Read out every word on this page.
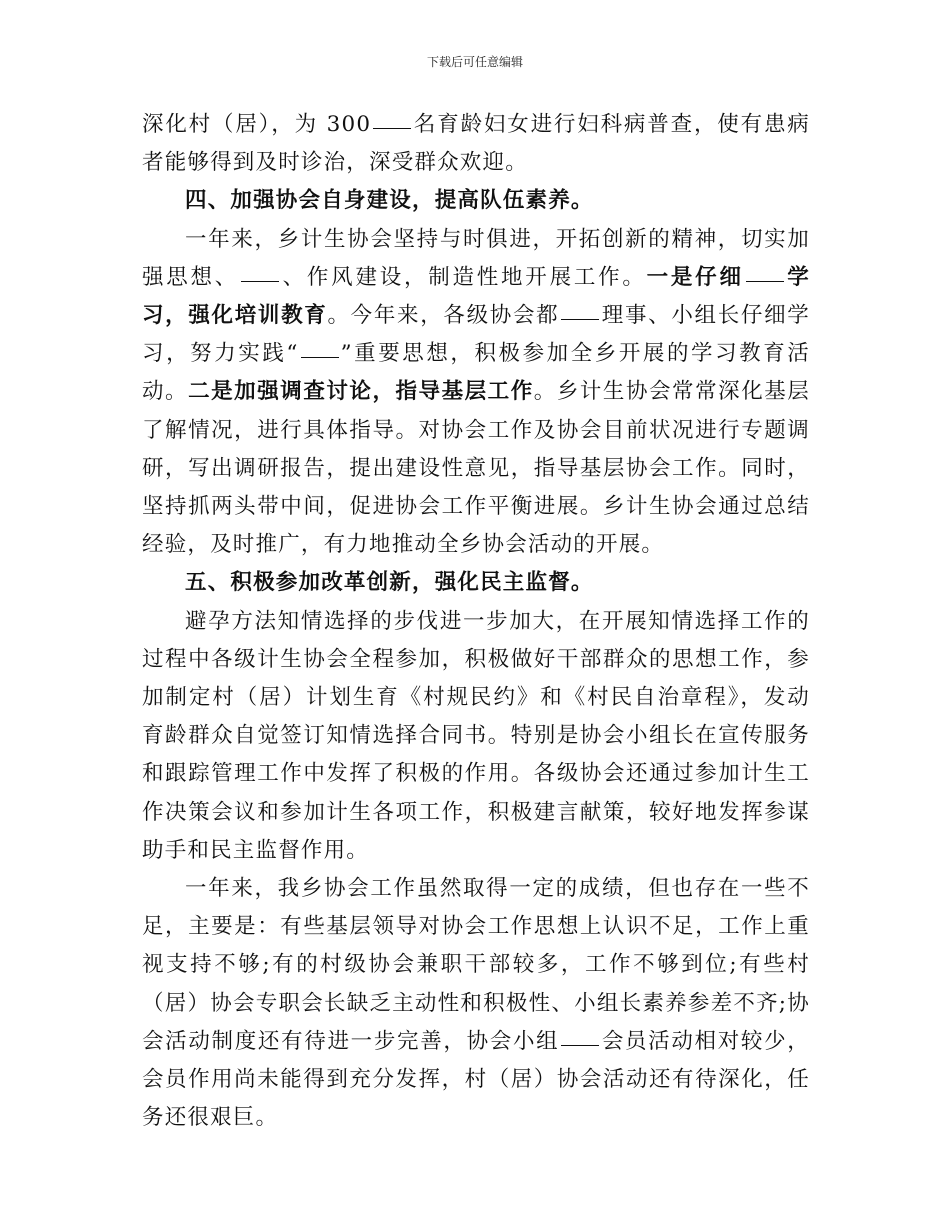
下载后可任意编辑

深化村（居），为 300 名育龄妇女进行妇科病普查，使有患病者能够得到及时诊治，深受群众欢迎。

四、加强协会自身建设，提高队伍素养。

一年来，乡计生协会坚持与时俱进，开拓创新的精神，切实加强思想、 、作风建设，制造性地开展工作。一是仔细 学习，强化培训教育。今年来，各级协会都 理事、小组长仔细学习，努力实践“ ”重要思想，积极参加全乡开展的学习教育活动。二是加强调查讨论，指导基层工作。乡计生协会常常深化基层了解情况，进行具体指导。对协会工作及协会目前状况进行专题调研，写出调研报告，提出建设性意见，指导基层协会工作。同时，坚持抓两头带中间，促进协会工作平衡进展。乡计生协会通过总结经验，及时推广，有力地推动全乡协会活动的开展。

五、积极参加改革创新，强化民主监督。

避孕方法知情选择的步伐进一步加大，在开展知情选择工作的过程中各级计生协会全程参加，积极做好干部群众的思想工作，参加制定村（居）计划生育《村规民约》和《村民自治章程》，发动育龄群众自觉签订知情选择合同书。特别是协会小组长在宣传服务和跟踪管理工作中发挥了积极的作用。各级协会还通过参加计生工作决策会议和参加计生各项工作，积极建言献策，较好地发挥参谋助手和民主监督作用。

一年来，我乡协会工作虽然取得一定的成绩，但也存在一些不足，主要是：有些基层领导对协会工作思想上认识不足，工作上重视支持不够;有的村级协会兼职干部较多，工作不够到位;有些村（居）协会专职会长缺乏主动性和积极性、小组长素养参差不齐;协会活动制度还有待进一步完善，协会小组 会员活动相对较少，会员作用尚未能得到充分发挥，村（居）协会活动还有待深化，任务还很艰巨。
